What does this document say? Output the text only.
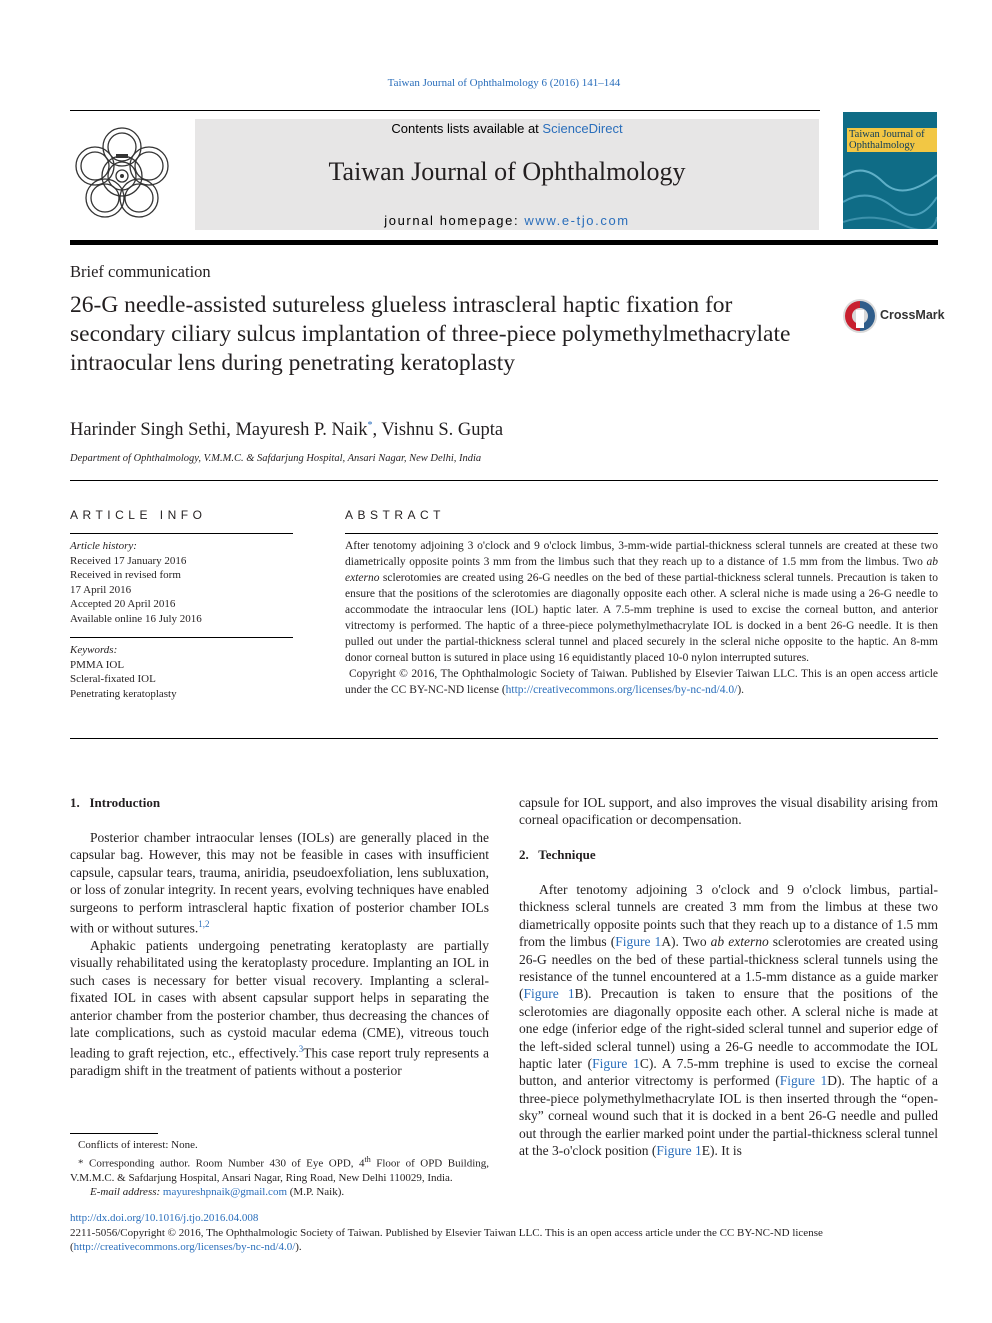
Taiwan Journal of Ophthalmology 6 (2016) 141–144
Contents lists available at ScienceDirect
Taiwan Journal of Ophthalmology
journal homepage: www.e-tjo.com
Taiwan Journal of Ophthalmology
Brief communication
26-G needle-assisted sutureless glueless intrascleral haptic fixation for secondary ciliary sulcus implantation of three-piece polymethylmethacrylate intraocular lens during penetrating keratoplasty
CrossMark
Harinder Singh Sethi, Mayuresh P. Naik*, Vishnu S. Gupta
Department of Ophthalmology, V.M.M.C. & Safdarjung Hospital, Ansari Nagar, New Delhi, India
ARTICLE INFO	ABSTRACT
Article history:
Received 17 January 2016
Received in revised form
17 April 2016
Accepted 20 April 2016
Available online 16 July 2016
Keywords:
PMMA IOL
Scleral-fixated IOL
Penetrating keratoplasty
After tenotomy adjoining 3 o'clock and 9 o'clock limbus, 3-mm-wide partial-thickness scleral tunnels are created at these two diametrically opposite points 3 mm from the limbus such that they reach up to a distance of 1.5 mm from the limbus. Two ab externo sclerotomies are created using 26-G needles on the bed of these partial-thickness scleral tunnels. Precaution is taken to ensure that the positions of the sclerotomies are diagonally opposite each other. A scleral niche is made using a 26-G needle to accommodate the intraocular lens (IOL) haptic later. A 7.5-mm trephine is used to excise the corneal button, and anterior vitrectomy is performed. The haptic of a three-piece polymethylmethacrylate IOL is docked in a bent 26-G needle. It is then pulled out under the partial-thickness scleral tunnel and placed securely in the scleral niche opposite to the haptic. An 8-mm donor corneal button is sutured in place using 16 equidistantly placed 10-0 nylon interrupted sutures.
Copyright © 2016, The Ophthalmologic Society of Taiwan. Published by Elsevier Taiwan LLC. This is an open access article under the CC BY-NC-ND license (http://creativecommons.org/licenses/by-nc-nd/4.0/).
1.  Introduction

Posterior chamber intraocular lenses (IOLs) are generally placed in the capsular bag. However, this may not be feasible in cases with insufficient capsule, capsular tears, trauma, aniridia, pseudoexfoliation, lens subluxation, or loss of zonular integrity. In recent years, evolving techniques have enabled surgeons to perform intrascleral haptic fixation of posterior chamber IOLs with or without sutures.$^{1,2}$

Aphakic patients undergoing penetrating keratoplasty are partially visually rehabilitated using the keratoplasty procedure. Implanting an IOL in such cases is necessary for better visual recovery. Implanting a scleral-fixated IOL in cases with absent capsular support helps in separating the anterior chamber from the posterior chamber, thus decreasing the chances of late complications, such as cystoid macular edema (CME), vitreous touch leading to graft rejection, etc., effectively.$^3$This case report truly represents a paradigm shift in the treatment of patients without a posterior

Conflicts of interest: None.
* Corresponding author. Room Number 430 of Eye OPD, 4th Floor of OPD Building, V.M.M.C. & Safdarjung Hospital, Ansari Nagar, Ring Road, New Delhi 110029, India.
E-mail address: mayureshpnaik@gmail.com (M.P. Naik).

capsule for IOL support, and also improves the visual disability arising from corneal opacification or decompensation.

2.  Technique

After tenotomy adjoining 3 o'clock and 9 o'clock limbus, partial-thickness scleral tunnels are created 3 mm from the limbus at these two diametrically opposite points such that they reach up to a distance of 1.5 mm from the limbus (Figure 1A). Two ab externo sclerotomies are created using 26-G needles on the bed of these partial-thickness scleral tunnels using the resistance of the tunnel encountered at a 1.5-mm distance as a guide marker (Figure 1B). Precaution is taken to ensure that the positions of the sclerotomies are diagonally opposite each other. A scleral niche is made at one edge (inferior edge of the right-sided scleral tunnel and superior edge of the left-sided scleral tunnel) using a 26-G needle to accommodate the IOL haptic later (Figure 1C). A 7.5-mm trephine is used to excise the corneal button, and anterior vitrectomy is performed (Figure 1D). The haptic of a three-piece polymethylmethacrylate IOL is then inserted through the “open-sky” corneal wound such that it is docked in a bent 26-G needle and pulled out through the earlier marked point under the partial-thickness scleral tunnel at the 3-o'clock position (Figure 1E). It is

http://dx.doi.org/10.1016/j.tjo.2016.04.008
2211-5056/Copyright © 2016, The Ophthalmologic Society of Taiwan. Published by Elsevier Taiwan LLC. This is an open access article under the CC BY-NC-ND license (http://creativecommons.org/licenses/by-nc-nd/4.0/).
